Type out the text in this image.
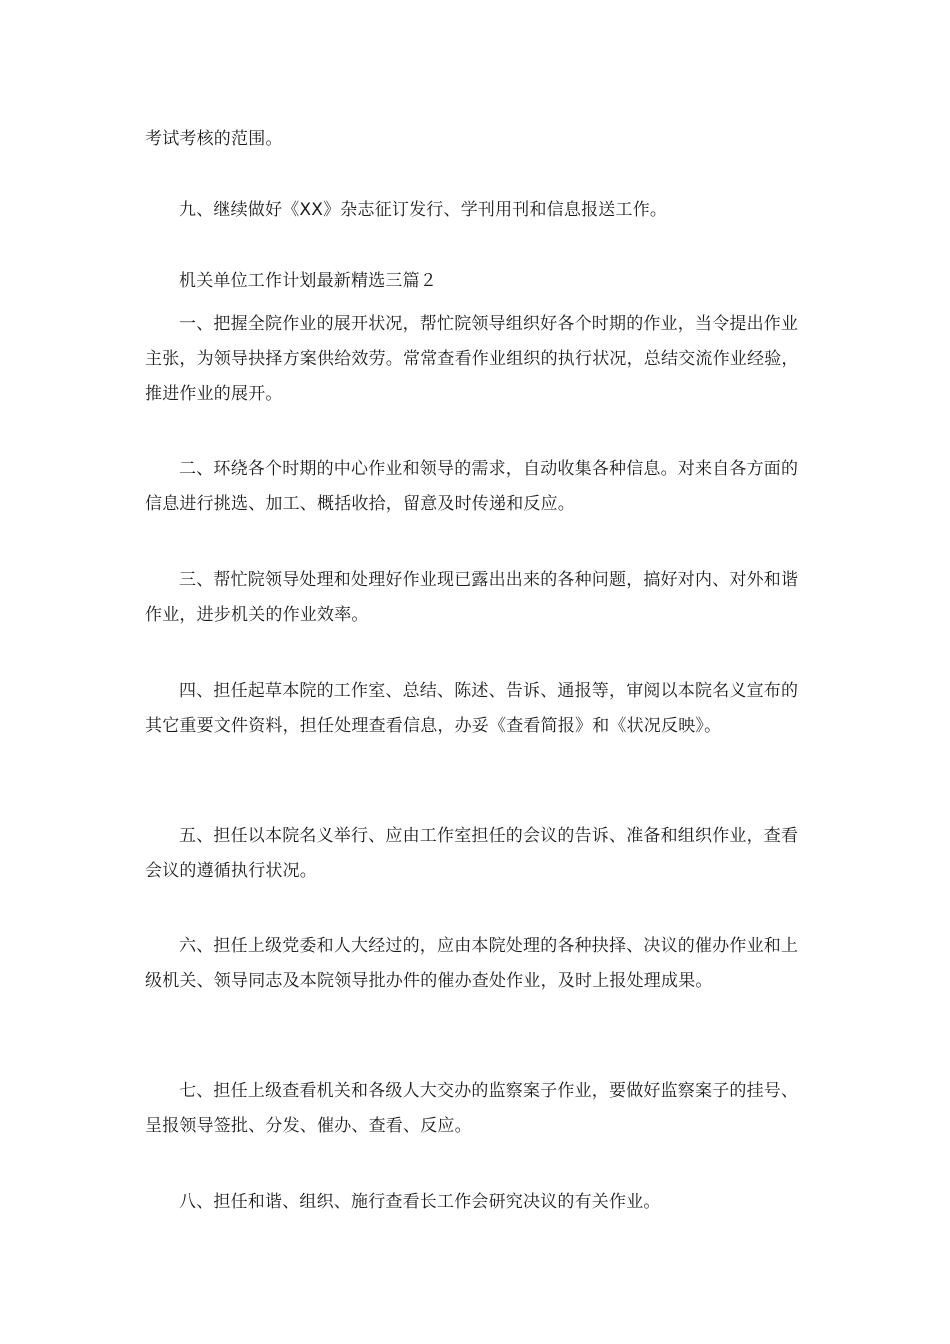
考试考核的范围。

九、继续做好《XX》杂志征订发行、学刊用刊和信息报送工作。

机关单位工作计划最新精选三篇２

一、把握全院作业的展开状况，帮忙院领导组织好各个时期的作业，当令提出作业主张，为领导抉择方案供给效劳。常常查看作业组织的执行状况，总结交流作业经验，推进作业的展开。

二、环绕各个时期的中心作业和领导的需求，自动收集各种信息。对来自各方面的信息进行挑选、加工、概括收拾，留意及时传递和反应。

三、帮忙院领导处理和处理好作业现已露出出来的各种问题，搞好对内、对外和谐作业，进步机关的作业效率。

四、担任起草本院的工作室、总结、陈述、告诉、通报等，审阅以本院名义宣布的其它重要文件资料，担任处理查看信息，办妥《查看简报》和《状况反映》。

五、担任以本院名义举行、应由工作室担任的会议的告诉、准备和组织作业，查看会议的遵循执行状况。

六、担任上级党委和人大经过的，应由本院处理的各种抉择、决议的催办作业和上级机关、领导同志及本院领导批办件的催办查处作业，及时上报处理成果。

七、担任上级查看机关和各级人大交办的监察案子作业，要做好监察案子的挂号、呈报领导签批、分发、催办、查看、反应。

八、担任和谐、组织、施行查看长工作会研究决议的有关作业。
